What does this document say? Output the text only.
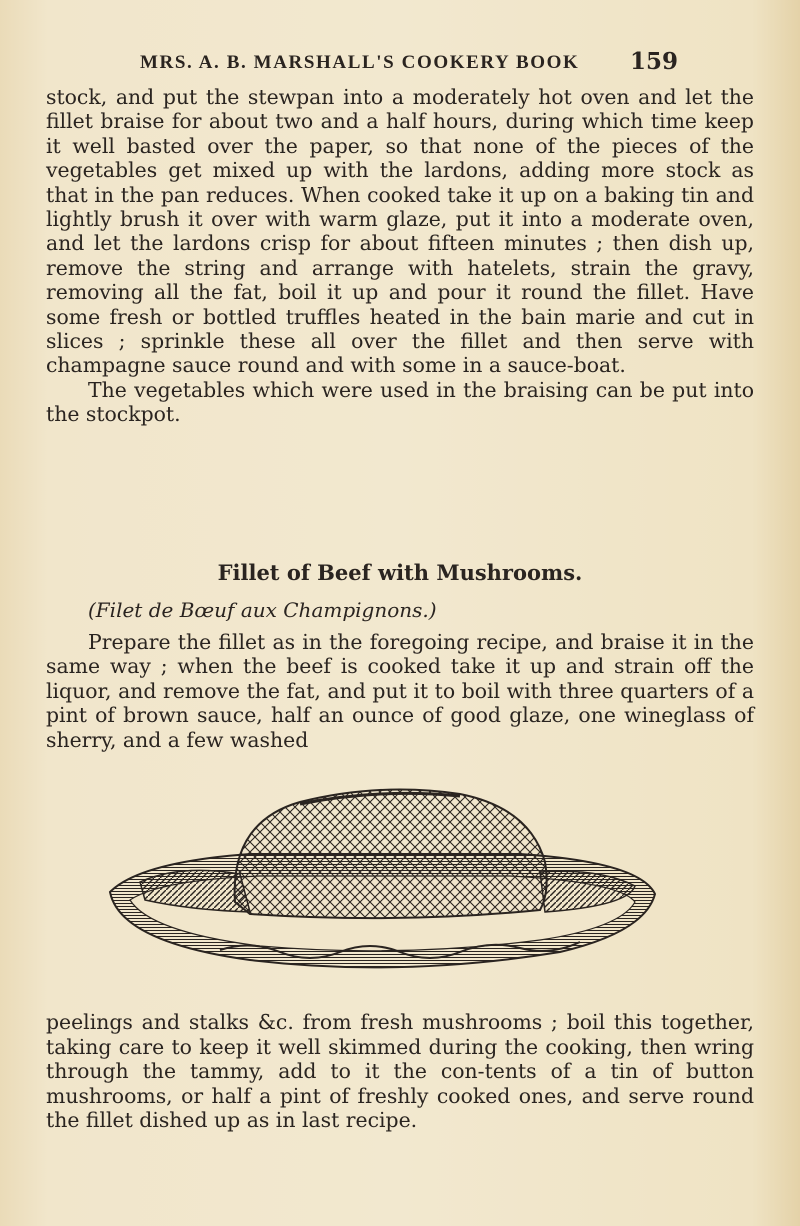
MRS. A. B. MARSHALL'S COOKERY BOOK	159

stock, and put the stewpan into a moderately hot oven and let the fillet braise for about two and a half hours, during which time keep it well basted over the paper, so that none of the pieces of the vegetables get mixed up with the lardons, adding more stock as that in the pan reduces. When cooked take it up on a baking tin and lightly brush it over with warm glaze, put it into a moderate oven, and let the lardons crisp for about fifteen minutes ; then dish up, remove the string and arrange with hatelets, strain the gravy, removing all the fat, boil it up and pour it round the fillet. Have some fresh or bottled truffles heated in the bain marie and cut in slices ; sprinkle these all over the fillet and then serve with champagne sauce round and with some in a sauce-boat.

The vegetables which were used in the braising can be put into the stockpot.

Fillet of Beef with Mushrooms.
(Filet de Bœuf aux Champignons.)

Prepare the fillet as in the foregoing recipe, and braise it in the same way ; when the beef is cooked take it up and strain off the liquor, and remove the fat, and put it to boil with three quarters of a pint of brown sauce, half an ounce of good glaze, one wineglass of sherry, and a few washed

peelings and stalks &c. from fresh mushrooms ; boil this together, taking care to keep it well skimmed during the cooking, then wring through the tammy, add to it the con-tents of a tin of button mushrooms, or half a pint of freshly cooked ones, and serve round the fillet dished up as in last recipe.
